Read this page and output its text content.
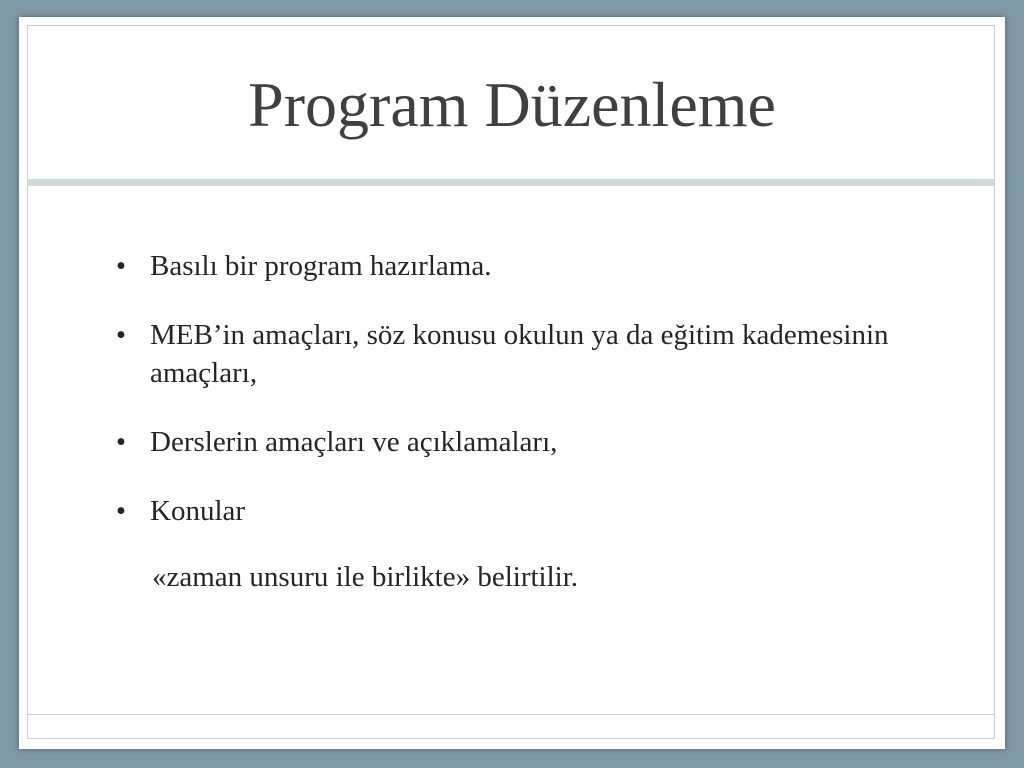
Program Düzenleme
• Basılı bir program hazırlama.
• MEB’in amaçları, söz konusu okulun ya da eğitim kademesinin amaçları,
• Derslerin amaçları ve açıklamaları,
• Konular
«zaman unsuru ile birlikte» belirtilir.
